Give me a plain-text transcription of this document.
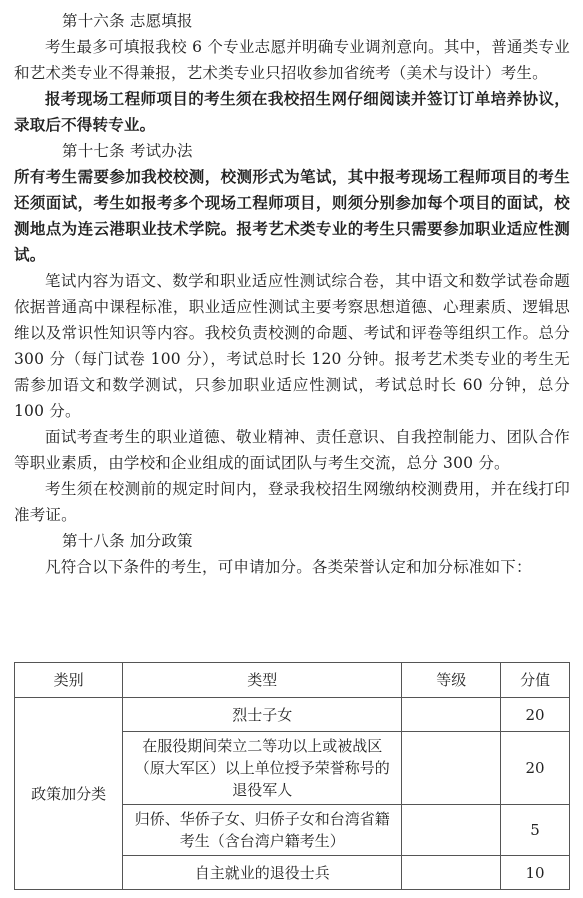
第十六条 志愿填报

考生最多可填报我校 6 个专业志愿并明确专业调剂意向。其中，普通类专业和艺术类专业不得兼报，艺术类专业只招收参加省统考（美术与设计）考生。

报考现场工程师项目的考生须在我校招生网仔细阅读并签订订单培养协议，录取后不得转专业。

第十七条 考试办法

所有考生需要参加我校校测，校测形式为笔试，其中报考现场工程师项目的考生还须面试，考生如报考多个现场工程师项目，则须分别参加每个项目的面试，校测地点为连云港职业技术学院。报考艺术类专业的考生只需要参加职业适应性测试。

笔试内容为语文、数学和职业适应性测试综合卷，其中语文和数学试卷命题依据普通高中课程标准，职业适应性测试主要考察思想道德、心理素质、逻辑思维以及常识性知识等内容。我校负责校测的命题、考试和评卷等组织工作。总分 300 分（每门试卷 100 分），考试总时长 120 分钟。报考艺术类专业的考生无需参加语文和数学测试，只参加职业适应性测试，考试总时长 60 分钟，总分 100 分。

面试考查考生的职业道德、敬业精神、责任意识、自我控制能力、团队合作等职业素质，由学校和企业组成的面试团队与考生交流，总分 300 分。

考生须在校测前的规定时间内，登录我校招生网缴纳校测费用，并在线打印准考证。

第十八条 加分政策

凡符合以下条件的考生，可申请加分。各类荣誉认定和加分标准如下：

类别	类型	等级	分值
政策加分类	烈士子女		20
	在服役期间荣立二等功以上或被战区（原大军区）以上单位授予荣誉称号的退役军人		20
	归侨、华侨子女、归侨子女和台湾省籍考生（含台湾户籍考生）		5
	自主就业的退役士兵		10
